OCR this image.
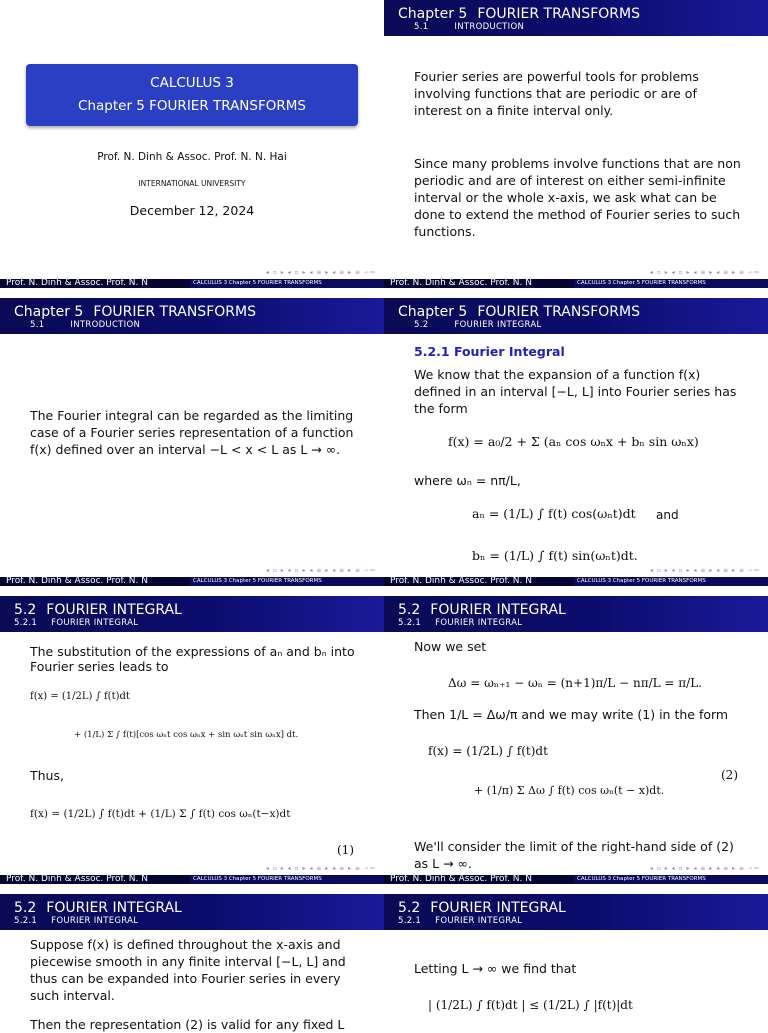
CALCULUS 3
Chapter 5 FOURIER TRANSFORMS
Prof. N. Dinh & Assoc. Prof. N. N. Hai
INTERNATIONAL UNIVERSITY
December 12, 2024
◂ ▫ ▸ ◂ ▫ ▸ ◂ ≡ ▸ ◂ ≡ ▸ ≡ ∽∾
Prof. N. Dinh & Assoc. Prof. N. N	$^{CALCULUS 3 Chapter 5 FOURIER TRANSFORMS}$
Chapter 5 FOURIER TRANSFORMS
5.1	INTRODUCTION
Fourier series are powerful tools for problems involving functions that are periodic or are of interest on a finite interval only.
Since many problems involve functions that are non periodic and are of interest on either semi-infinite interval or the whole x-axis, we ask what can be done to extend the method of Fourier series to such functions.
◂ ▫ ▸ ◂ ▫ ▸ ◂ ≡ ▸ ◂ ≡ ▸ ≡ ∽∾
Prof. N. Dinh & Assoc. Prof. N. N	$^{CALCULUS 3 Chapter 5 FOURIER TRANSFORMS}$
Chapter 5 FOURIER TRANSFORMS
5.1	INTRODUCTION
The Fourier integral can be regarded as the limiting case of a Fourier series representation of a function f(x) defined over an interval −L < x < L as L → ∞.
◂ ▫ ▸ ◂ ▫ ▸ ◂ ≡ ▸ ◂ ≡ ▸ ≡ ∽∾
Prof. N. Dinh & Assoc. Prof. N. N	$^{CALCULUS 3 Chapter 5 FOURIER TRANSFORMS}$
Chapter 5 FOURIER TRANSFORMS
5.2	FOURIER INTEGRAL
5.2.1 Fourier Integral
We know that the expansion of a function f(x) defined in an interval [−L, L] into Fourier series has the form
f(x) = a₀/2 + Σ (aₙ cos ωₙx + bₙ sin ωₙx)
where ωₙ = nπ/L,
aₙ = (1/L) ∫ f(t) cos(ωₙt)dt and
bₙ = (1/L) ∫ f(t) sin(ωₙt)dt.
◂ ▫ ▸ ◂ ▫ ▸ ◂ ≡ ▸ ◂ ≡ ▸ ≡ ∽∾
Prof. N. Dinh & Assoc. Prof. N. N	$^{CALCULUS 3 Chapter 5 FOURIER TRANSFORMS}$
5.2 FOURIER INTEGRAL
5.2.1 FOURIER INTEGRAL
The substitution of the expressions of aₙ and bₙ into Fourier series leads to
f(x) = (1/2L) ∫ f(t)dt
+ (1/L) Σ ∫ f(t)[cos ωₙt cos ωₙx + sin ωₙt sin ωₙx] dt.
Thus,
f(x) = (1/2L) ∫ f(t)dt + (1/L) Σ ∫ f(t) cos ωₙ(t−x)dt
(1)
◂ ▫ ▸ ◂ ▫ ▸ ◂ ≡ ▸ ◂ ≡ ▸ ≡ ∽∾
Prof. N. Dinh & Assoc. Prof. N. N	$^{CALCULUS 3 Chapter 5 FOURIER TRANSFORMS}$
5.2 FOURIER INTEGRAL
5.2.1 FOURIER INTEGRAL
Now we set
Δω = ωₙ₊₁ − ωₙ = (n+1)π/L − nπ/L = π/L.
Then 1/L = Δω/π and we may write (1) in the form
f(x) = (1/2L) ∫ f(t)dt
+ (1/π) Σ Δω ∫ f(t) cos ωₙ(t − x)dt.
(2)
We'll consider the limit of the right-hand side of (2) as L → ∞.	◂ ▫ ▸ ◂ ▫ ▸ ◂ ≡ ▸ ◂ ≡ ▸ ≡ ∽∾
Prof. N. Dinh & Assoc. Prof. N. N	$^{CALCULUS 3 Chapter 5 FOURIER TRANSFORMS}$
5.2 FOURIER INTEGRAL
5.2.1 FOURIER INTEGRAL
Suppose f(x) is defined throughout the x-axis and piecewise smooth in any finite interval [−L, L] and thus can be expanded into Fourier series in every such interval.
Then the representation (2) is valid for any fixed L
5.2 FOURIER INTEGRAL
5.2.1 FOURIER INTEGRAL
Letting L → ∞ we find that
| (1/2L) ∫ f(t)dt | ≤ (1/2L) ∫ |f(t)|dt
